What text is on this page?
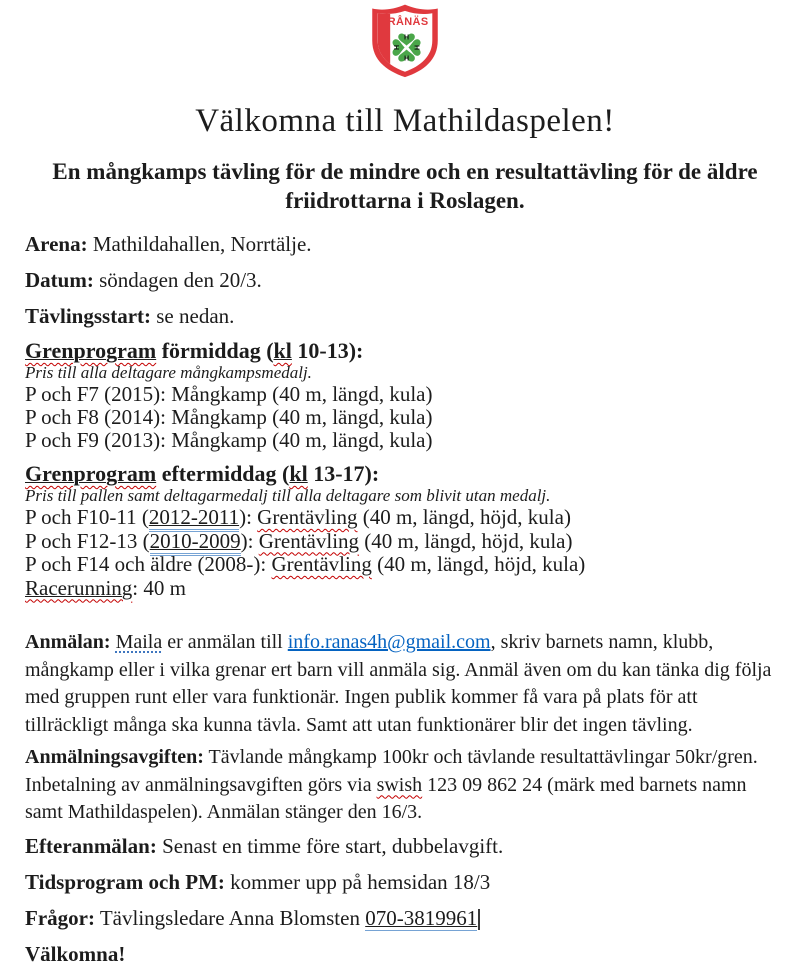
RÅNÄS
H
H
H
H
Välkomna till Mathildaspelen!
En mångkamps tävling för de mindre och en resultattävling för de äldre
friidrottarna i Roslagen.

Arena: Mathildahallen, Norrtälje.

Datum: söndagen den 20/3.

Tävlingsstart: se nedan.

Grenprogram förmiddag (kl 10-13):

Pris till alla deltagare mångkampsmedalj.

P och F7 (2015): Mångkamp (40 m, längd, kula)

P och F8 (2014): Mångkamp (40 m, längd, kula)

P och F9 (2013): Mångkamp (40 m, längd, kula)

Grenprogram eftermiddag (kl 13-17):

Pris till pallen samt deltagarmedalj till alla deltagare som blivit utan medalj.

P och F10-11 (2012-2011): Grentävling (40 m, längd, höjd, kula)

P och F12-13 (2010-2009): Grentävling (40 m, längd, höjd, kula)

P och F14 och äldre (2008-): Grentävling (40 m, längd, höjd, kula)

Racerunning: 40 m

Anmälan: Maila er anmälan till info.ranas4h@gmail.com, skriv barnets namn, klubb, mångkamp eller i vilka grenar ert barn vill anmäla sig. Anmäl även om du kan tänka dig följa med gruppen runt eller vara funktionär. Ingen publik kommer få vara på plats för att tillräckligt många ska kunna tävla. Samt att utan funktionärer blir det ingen tävling.

Anmälningsavgiften: Tävlande mångkamp 100kr och tävlande resultattävlingar 50kr/gren. Inbetalning av anmälningsavgiften görs via swish 123 09 862 24 (märk med barnets namn samt Mathildaspelen). Anmälan stänger den 16/3.

Efteranmälan: Senast en timme före start, dubbelavgift.

Tidsprogram och PM: kommer upp på hemsidan 18/3

Frågor: Tävlingsledare Anna Blomsten 070-3819961

Välkomna!
